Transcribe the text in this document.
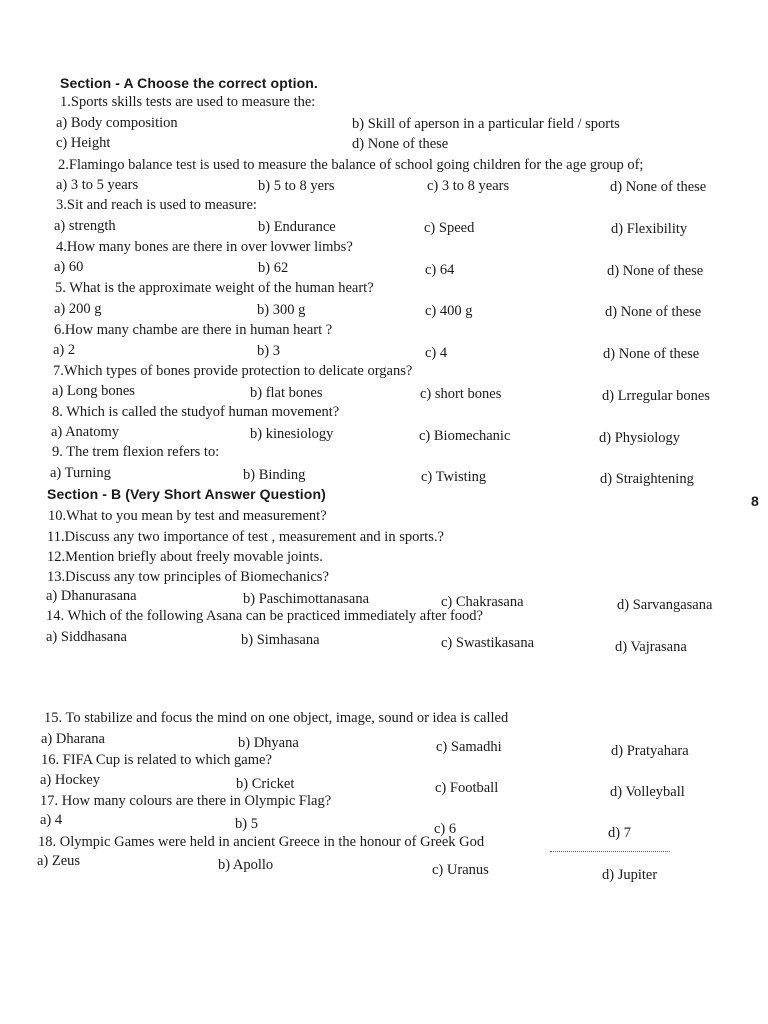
Section - A Choose the correct option.
1.Sports skills tests are used to measure the:
a) Body composition	b) Skill of aperson in a particular field / sports
c) Height	d) None of these
2.Flamingo balance test is used to measure the balance of school going children for the age group of;
a) 3 to 5 years	b) 5 to 8 yers	c) 3 to 8 years	d) None of these
3.Sit and reach is used to measure:
a) strength	b) Endurance	c) Speed	d) Flexibility
4.How many bones are there in over lovwer limbs?
a) 60	b) 62	c) 64	d) None of these
5. What is the approximate weight of the human heart?
a) 200 g	b) 300 g	c) 400 g	d) None of these
6.How many chambe are there in human heart ?
a) 2	b) 3	c) 4	d) None of these
7.Which types of bones provide protection to delicate organs?
a) Long bones	b) flat bones	c) short bones	d) Lrregular bones
8. Which is called the studyof human movement?
a) Anatomy	b) kinesiology	c) Biomechanic	d) Physiology
9. The trem flexion refers to:
a) Turning	b) Binding	c) Twisting	d) Straightening
Section - B (Very Short Answer Question)	8
10.What to you mean by test and measurement?
11.Discuss any two importance of test , measurement and in sports.?
12.Mention briefly about freely movable joints.
13.Discuss any tow principles of Biomechanics?
a) Dhanurasana	b) Paschimottanasana	c) Chakrasana	d) Sarvangasana
14. Which of the following Asana can be practiced immediately after food?
a) Siddhasana	b) Simhasana	c) Swastikasana	d) Vajrasana
15. To stabilize and focus the mind on one object, image, sound or idea is called
a) Dharana	b) Dhyana	c) Samadhi	d) Pratyahara
16. FIFA Cup is related to which game?
a) Hockey	b) Cricket	c) Football	d) Volleyball
17. How many colours are there in Olympic Flag?
a) 4	b) 5	c) 6	d) 7
18. Olympic Games were held in ancient Greece in the honour of Greek God
a) Zeus	b) Apollo	c) Uranus	d) Jupiter
